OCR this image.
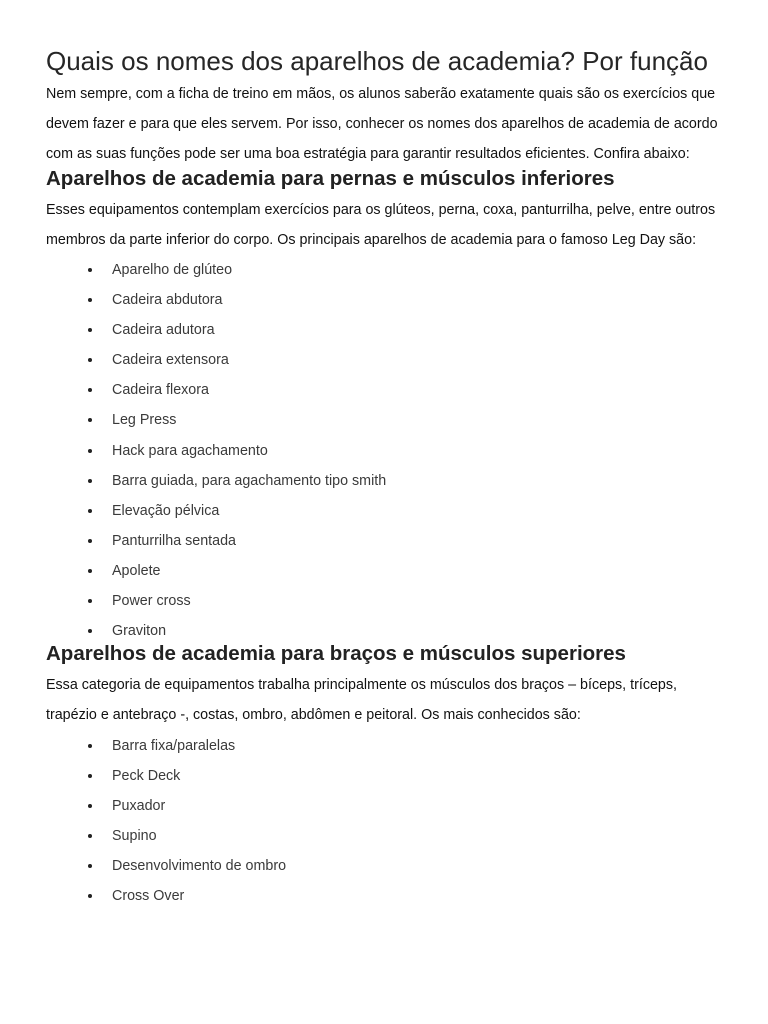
Quais os nomes dos aparelhos de academia? Por função

Nem sempre, com a ficha de treino em mãos, os alunos saberão exatamente quais são os exercícios que devem fazer e para que eles servem. Por isso, conhecer os nomes dos aparelhos de academia de acordo com as suas funções pode ser uma boa estratégia para garantir resultados eficientes. Confira abaixo:

Aparelhos de academia para pernas e músculos inferiores

Esses equipamentos contemplam exercícios para os glúteos, perna, coxa, panturrilha, pelve, entre outros membros da parte inferior do corpo. Os principais aparelhos de academia para o famoso Leg Day são:

Aparelho de glúteo
Cadeira abdutora
Cadeira adutora
Cadeira extensora
Cadeira flexora
Leg Press
Hack para agachamento
Barra guiada, para agachamento tipo smith
Elevação pélvica
Panturrilha sentada
Apolete
Power cross
Graviton
Aparelhos de academia para braços e músculos superiores

Essa categoria de equipamentos trabalha principalmente os músculos dos braços – bíceps, tríceps, trapézio e antebraço -, costas, ombro, abdômen e peitoral. Os mais conhecidos são:

Barra fixa/paralelas
Peck Deck
Puxador
Supino
Desenvolvimento de ombro
Cross Over
